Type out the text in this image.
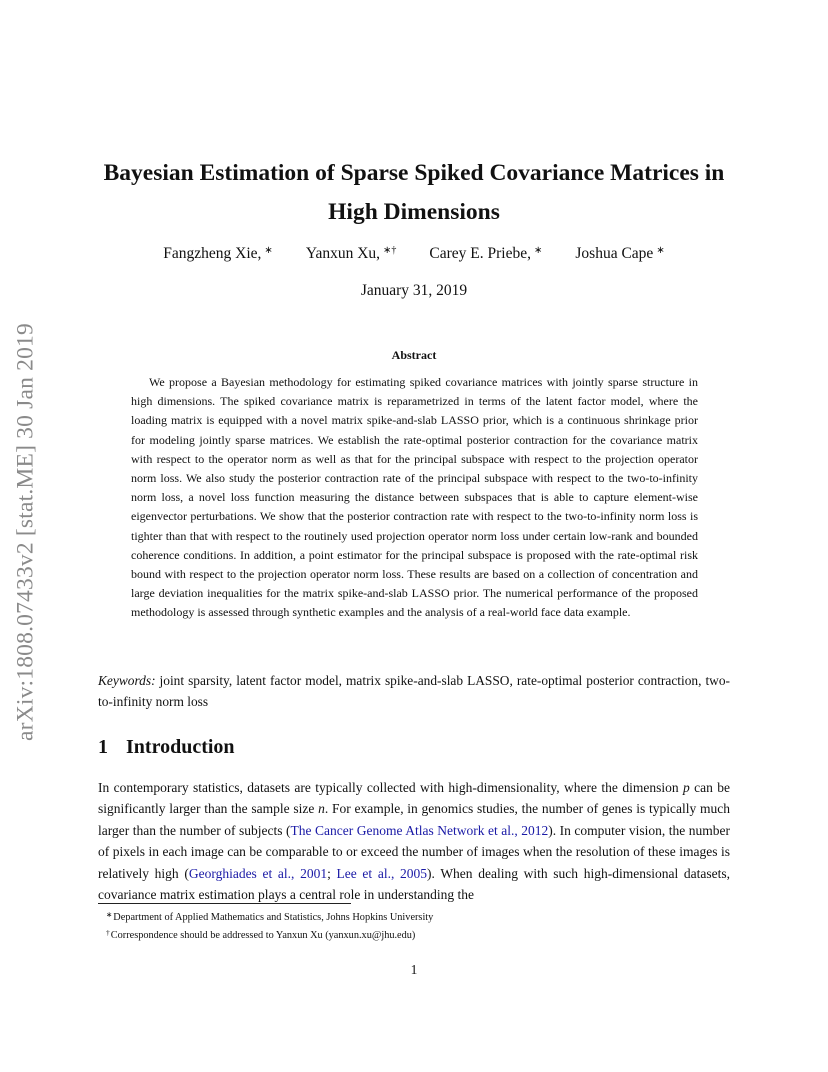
arXiv:1808.07433v2 [stat.ME] 30 Jan 2019
Bayesian Estimation of Sparse Spiked Covariance Matrices in High Dimensions
Fangzheng Xie, ∗ Yanxun Xu, ∗† Carey E. Priebe, ∗ Joshua Cape ∗
January 31, 2019
Abstract

We propose a Bayesian methodology for estimating spiked covariance matrices with jointly sparse structure in high dimensions. The spiked covariance matrix is reparametrized in terms of the latent factor model, where the loading matrix is equipped with a novel matrix spike-and-slab LASSO prior, which is a continuous shrinkage prior for modeling jointly sparse matrices. We establish the rate-optimal posterior contraction for the covariance matrix with respect to the operator norm as well as that for the principal subspace with respect to the projection operator norm loss. We also study the posterior contraction rate of the principal subspace with respect to the two-to-infinity norm loss, a novel loss function measuring the distance between subspaces that is able to capture element-wise eigenvector perturbations. We show that the posterior contraction rate with respect to the two-to-infinity norm loss is tighter than that with respect to the routinely used projection operator norm loss under certain low-rank and bounded coherence conditions. In addition, a point estimator for the principal subspace is proposed with the rate-optimal risk bound with respect to the projection operator norm loss. These results are based on a collection of concentration and large deviation inequalities for the matrix spike-and-slab LASSO prior. The numerical performance of the proposed methodology is assessed through synthetic examples and the analysis of a real-world face data example.

Keywords: joint sparsity, latent factor model, matrix spike-and-slab LASSO, rate-optimal posterior contraction, two-to-infinity norm loss

1 Introduction

In contemporary statistics, datasets are typically collected with high-dimensionality, where the dimension p can be significantly larger than the sample size n. For example, in genomics studies, the number of genes is typically much larger than the number of subjects (The Cancer Genome Atlas Network et al., 2012). In computer vision, the number of pixels in each image can be comparable to or exceed the number of images when the resolution of these images is relatively high (Georghiades et al., 2001; Lee et al., 2005). When dealing with such high-dimensional datasets, covariance matrix estimation plays a central role in understanding the

∗Department of Applied Mathematics and Statistics, Johns Hopkins University
†Correspondence should be addressed to Yanxun Xu (yanxun.xu@jhu.edu)
1
